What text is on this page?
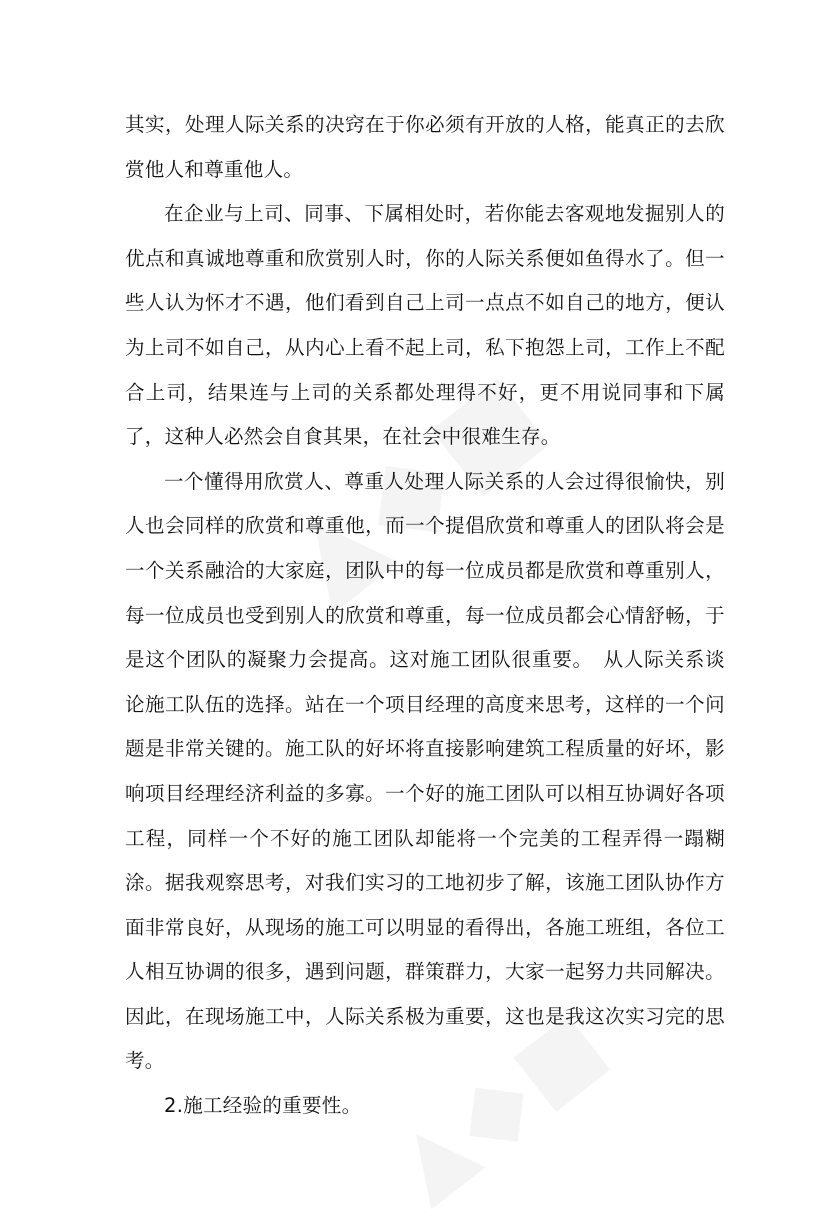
其实，处理人际关系的决窍在于你必须有开放的人格，能真正的去欣赏他人和尊重他人。

在企业与上司、同事、下属相处时，若你能去客观地发掘别人的优点和真诚地尊重和欣赏别人时，你的人际关系便如鱼得水了。但一些人认为怀才不遇，他们看到自己上司一点点不如自己的地方，便认为上司不如自己，从内心上看不起上司，私下抱怨上司，工作上不配合上司，结果连与上司的关系都处理得不好，更不用说同事和下属了，这种人必然会自食其果，在社会中很难生存。

一个懂得用欣赏人、尊重人处理人际关系的人会过得很愉快，别人也会同样的欣赏和尊重他，而一个提倡欣赏和尊重人的团队将会是一个关系融洽的大家庭，团队中的每一位成员都是欣赏和尊重别人，每一位成员也受到别人的欣赏和尊重，每一位成员都会心情舒畅，于是这个团队的凝聚力会提高。这对施工团队很重要。　从人际关系谈论施工队伍的选择。站在一个项目经理的高度来思考，这样的一个问题是非常关键的。施工队的好坏将直接影响建筑工程质量的好坏，影响项目经理经济利益的多寡。一个好的施工团队可以相互协调好各项工程，同样一个不好的施工团队却能将一个完美的工程弄得一蹋糊涂。据我观察思考，对我们实习的工地初步了解，该施工团队协作方面非常良好，从现场的施工可以明显的看得出，各施工班组，各位工人相互协调的很多，遇到问题，群策群力，大家一起努力共同解决。因此，在现场施工中，人际关系极为重要，这也是我这次实习完的思考。

2.施工经验的重要性。
